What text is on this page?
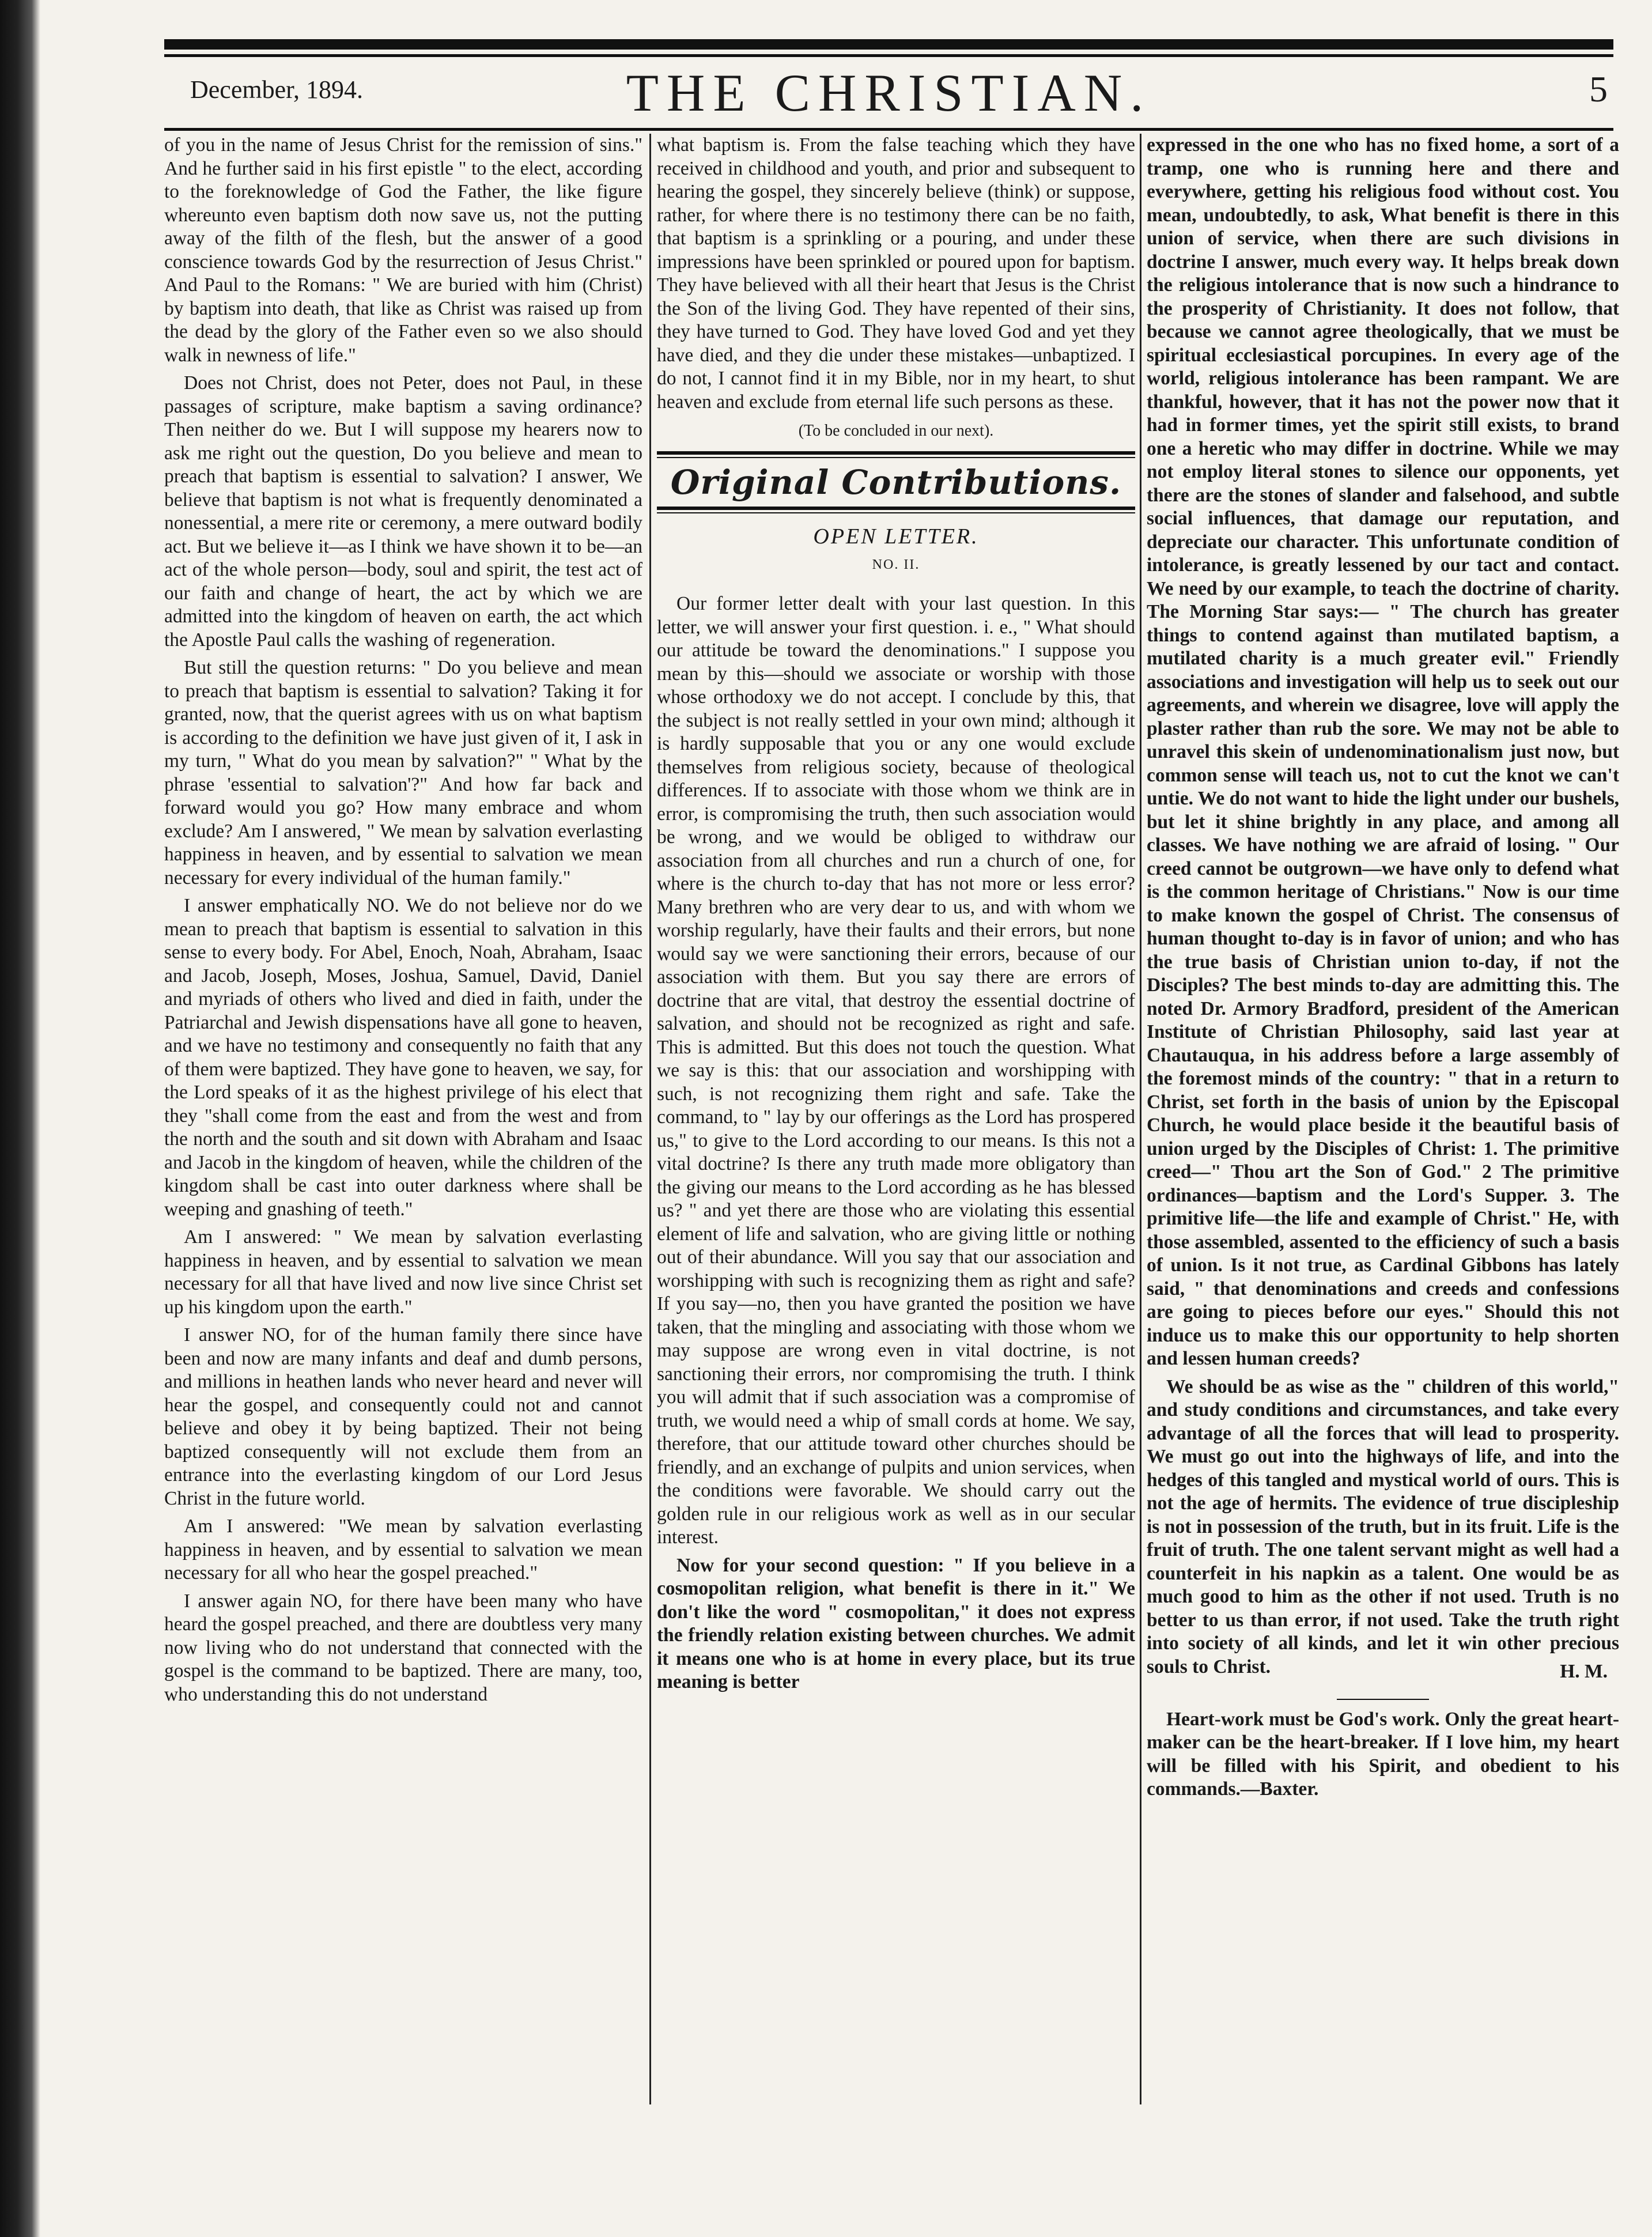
December, 1894.	THE CHRISTIAN.	5

of you in the name of Jesus Christ for the remission of sins." And he further said in his first epistle " to the elect, according to the foreknowledge of God the Father, the like figure whereunto even baptism doth now save us, not the putting away of the filth of the flesh, but the answer of a good conscience towards God by the resurrection of Jesus Christ." And Paul to the Romans: " We are buried with him (Christ) by baptism into death, that like as Christ was raised up from the dead by the glory of the Father even so we also should walk in newness of life."

Does not Christ, does not Peter, does not Paul, in these passages of scripture, make baptism a saving ordinance? Then neither do we. But I will suppose my hearers now to ask me right out the question, Do you believe and mean to preach that baptism is essential to salvation? I answer, We believe that baptism is not what is frequently denominated a nonessential, a mere rite or ceremony, a mere outward bodily act. But we believe it—as I think we have shown it to be—an act of the whole person—body, soul and spirit, the test act of our faith and change of heart, the act by which we are admitted into the kingdom of heaven on earth, the act which the Apostle Paul calls the washing of regeneration.

But still the question returns: " Do you believe and mean to preach that baptism is essential to salvation? Taking it for granted, now, that the querist agrees with us on what baptism is according to the definition we have just given of it, I ask in my turn, " What do you mean by salvation?" " What by the phrase 'essential to salvation'?" And how far back and forward would you go? How many embrace and whom exclude? Am I answered, " We mean by salvation everlasting happiness in heaven, and by essential to salvation we mean necessary for every individual of the human family."

I answer emphatically NO. We do not believe nor do we mean to preach that baptism is essential to salvation in this sense to every body. For Abel, Enoch, Noah, Abraham, Isaac and Jacob, Joseph, Moses, Joshua, Samuel, David, Daniel and myriads of others who lived and died in faith, under the Patriarchal and Jewish dispensations have all gone to heaven, and we have no testimony and consequently no faith that any of them were baptized. They have gone to heaven, we say, for the Lord speaks of it as the highest privilege of his elect that they "shall come from the east and from the west and from the north and the south and sit down with Abraham and Isaac and Jacob in the kingdom of heaven, while the children of the kingdom shall be cast into outer darkness where shall be weeping and gnashing of teeth."

Am I answered: " We mean by salvation everlasting happiness in heaven, and by essential to salvation we mean necessary for all that have lived and now live since Christ set up his kingdom upon the earth."

I answer NO, for of the human family there since have been and now are many infants and deaf and dumb persons, and millions in heathen lands who never heard and never will hear the gospel, and consequently could not and cannot believe and obey it by being baptized. Their not being baptized consequently will not exclude them from an entrance into the everlasting kingdom of our Lord Jesus Christ in the future world.

Am I answered: "We mean by salvation everlasting happiness in heaven, and by essential to salvation we mean necessary for all who hear the gospel preached."

I answer again NO, for there have been many who have heard the gospel preached, and there are doubtless very many now living who do not understand that connected with the gospel is the command to be baptized. There are many, too, who understanding this do not understand

what baptism is. From the false teaching which they have received in childhood and youth, and prior and subsequent to hearing the gospel, they sincerely believe (think) or suppose, rather, for where there is no testimony there can be no faith, that baptism is a sprinkling or a pouring, and under these impressions have been sprinkled or poured upon for baptism. They have believed with all their heart that Jesus is the Christ the Son of the living God. They have repented of their sins, they have turned to God. They have loved God and yet they have died, and they die under these mistakes—unbaptized. I do not, I cannot find it in my Bible, nor in my heart, to shut heaven and exclude from eternal life such persons as these.

(To be concluded in our next).
Original Contributions.
OPEN LETTER.
NO. II.

Our former letter dealt with your last question. In this letter, we will answer your first question. i. e., " What should our attitude be toward the denominations." I suppose you mean by this—should we associate or worship with those whose orthodoxy we do not accept. I conclude by this, that the subject is not really settled in your own mind; although it is hardly supposable that you or any one would exclude themselves from religious society, because of theological differences. If to associate with those whom we think are in error, is compromising the truth, then such association would be wrong, and we would be obliged to withdraw our association from all churches and run a church of one, for where is the church to-day that has not more or less error? Many brethren who are very dear to us, and with whom we worship regularly, have their faults and their errors, but none would say we were sanctioning their errors, because of our association with them. But you say there are errors of doctrine that are vital, that destroy the essential doctrine of salvation, and should not be recognized as right and safe. This is admitted. But this does not touch the question. What we say is this: that our association and worshipping with such, is not recognizing them right and safe. Take the command, to " lay by our offerings as the Lord has prospered us," to give to the Lord according to our means. Is this not a vital doctrine? Is there any truth made more obligatory than the giving our means to the Lord according as he has blessed us? " and yet there are those who are violating this essential element of life and salvation, who are giving little or nothing out of their abundance. Will you say that our association and worshipping with such is recognizing them as right and safe? If you say—no, then you have granted the position we have taken, that the mingling and associating with those whom we may suppose are wrong even in vital doctrine, is not sanctioning their errors, nor compromising the truth. I think you will admit that if such association was a compromise of truth, we would need a whip of small cords at home. We say, therefore, that our attitude toward other churches should be friendly, and an exchange of pulpits and union services, when the conditions were favorable. We should carry out the golden rule in our religious work as well as in our secular interest.

Now for your second question: " If you believe in a cosmopolitan religion, what benefit is there in it." We don't like the word " cosmopolitan," it does not express the friendly relation existing between churches. We admit it means one who is at home in every place, but its true meaning is better

expressed in the one who has no fixed home, a sort of a tramp, one who is running here and there and everywhere, getting his religious food without cost. You mean, undoubtedly, to ask, What benefit is there in this union of service, when there are such divisions in doctrine I answer, much every way. It helps break down the religious intolerance that is now such a hindrance to the prosperity of Christianity. It does not follow, that because we cannot agree theologically, that we must be spiritual ecclesiastical porcupines. In every age of the world, religious intolerance has been rampant. We are thankful, however, that it has not the power now that it had in former times, yet the spirit still exists, to brand one a heretic who may differ in doctrine. While we may not employ literal stones to silence our opponents, yet there are the stones of slander and falsehood, and subtle social influences, that damage our reputation, and depreciate our character. This unfortunate condition of intolerance, is greatly lessened by our tact and contact. We need by our example, to teach the doctrine of charity. The Morning Star says:— " The church has greater things to contend against than mutilated baptism, a mutilated charity is a much greater evil." Friendly associations and investigation will help us to seek out our agreements, and wherein we disagree, love will apply the plaster rather than rub the sore. We may not be able to unravel this skein of undenominationalism just now, but common sense will teach us, not to cut the knot we can't untie. We do not want to hide the light under our bushels, but let it shine brightly in any place, and among all classes. We have nothing we are afraid of losing. " Our creed cannot be outgrown—we have only to defend what is the common heritage of Christians." Now is our time to make known the gospel of Christ. The consensus of human thought to-day is in favor of union; and who has the true basis of Christian union to-day, if not the Disciples? The best minds to-day are admitting this. The noted Dr. Armory Bradford, president of the American Institute of Christian Philosophy, said last year at Chautauqua, in his address before a large assembly of the foremost minds of the country: " that in a return to Christ, set forth in the basis of union by the Episcopal Church, he would place beside it the beautiful basis of union urged by the Disciples of Christ: 1. The primitive creed—" Thou art the Son of God." 2 The primitive ordinances—baptism and the Lord's Supper. 3. The primitive life—the life and example of Christ." He, with those assembled, assented to the efficiency of such a basis of union. Is it not true, as Cardinal Gibbons has lately said, " that denominations and creeds and confessions are going to pieces before our eyes." Should this not induce us to make this our opportunity to help shorten and lessen human creeds?

We should be as wise as the " children of this world," and study conditions and circumstances, and take every advantage of all the forces that will lead to prosperity. We must go out into the highways of life, and into the hedges of this tangled and mystical world of ours. This is not the age of hermits. The evidence of true discipleship is not in possession of the truth, but in its fruit. Life is the fruit of truth. The one talent servant might as well had a counterfeit in his napkin as a talent. One would be as much good to him as the other if not used. Truth is no better to us than error, if not used. Take the truth right into society of all kinds, and let it win other precious souls to Christ.	H. M.

Heart-work must be God's work. Only the great heart-maker can be the heart-breaker. If I love him, my heart will be filled with his Spirit, and obedient to his commands.—Baxter.
